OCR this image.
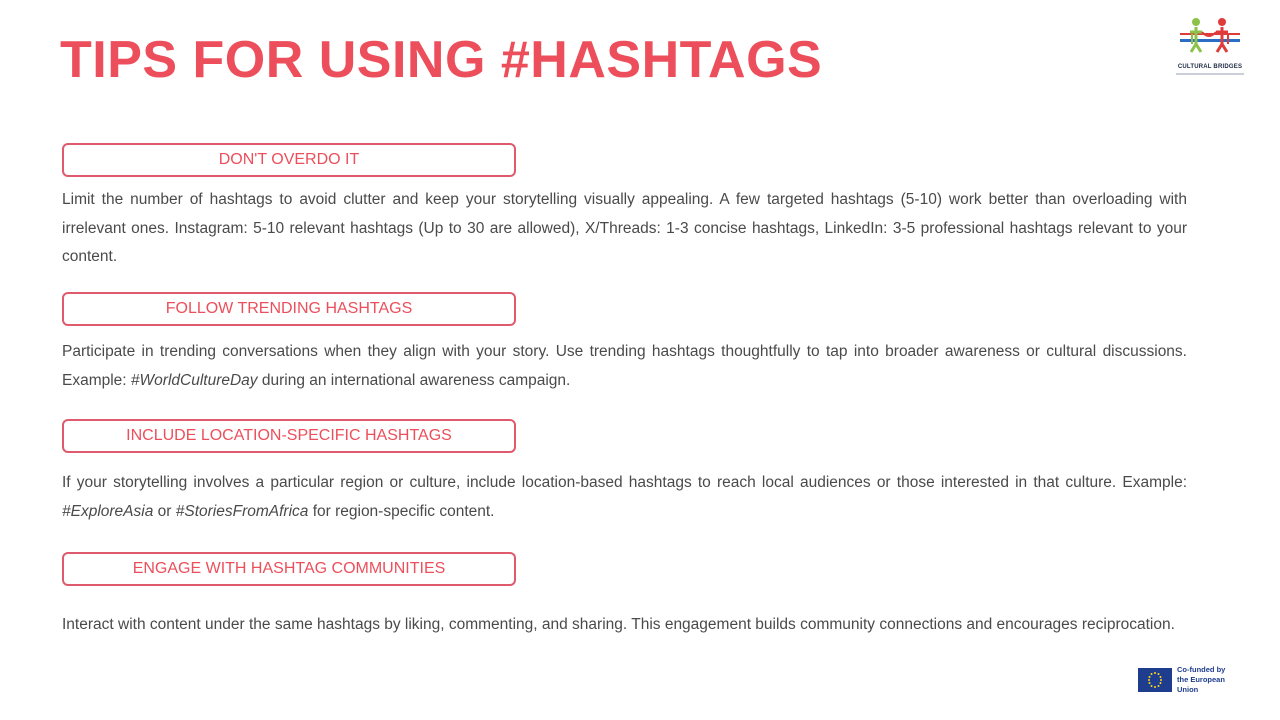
TIPS FOR USING #HASHTAGS	CULTURAL BRIDGES
DON'T OVERDO IT

Limit the number of hashtags to avoid clutter and keep your storytelling visually appealing. A few targeted hashtags (5-10) work better than overloading with irrelevant ones. Instagram: 5-10 relevant hashtags (Up to 30 are allowed), X/Threads: 1-3 concise hashtags, LinkedIn: 3-5 professional hashtags relevant to your content.

FOLLOW TRENDING HASHTAGS

Participate in trending conversations when they align with your story. Use trending hashtags thoughtfully to tap into broader awareness or cultural discussions. Example: #WorldCultureDay during an international awareness campaign.

INCLUDE LOCATION-SPECIFIC HASHTAGS

If your storytelling involves a particular region or culture, include location-based hashtags to reach local audiences or those interested in that culture. Example: #ExploreAsia or #StoriesFromAfrica for region-specific content.

ENGAGE WITH HASHTAG COMMUNITIES

Interact with content under the same hashtags by liking, commenting, and sharing. This engagement builds community connections and encourages reciprocation.

Co-funded by
the European Union
